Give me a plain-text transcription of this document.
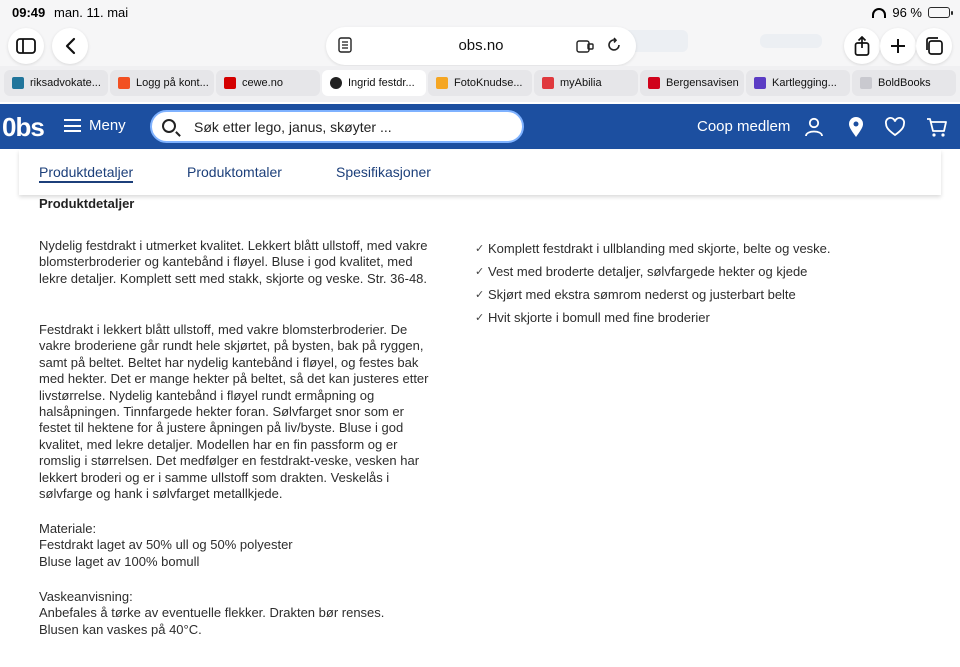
09:49 man. 11. mai	96 %
obs.no
riksadvokate...	Logg på kont...	cewe.no	Ingrid festdr...	FotoKnudse...	myAbilia	Bergensavisen	Kartlegging...	BoldBooks
0bs	Meny	Søk etter lego, janus, skøyter ...	Coop medlem
Produktdetaljer	Produktomtaler	Spesifikasjoner
Produktdetaljer
Nydelig festdrakt i utmerket kvalitet. Lekkert blått ullstoff, med vakre blomsterbroderier og kantebånd i fløyel. Bluse i god kvalitet, med lekre detaljer. Komplett sett med stakk, skjorte og veske. Str. 36-48.
Festdrakt i lekkert blått ullstoff, med vakre blomsterbroderier. De vakre broderiene går rundt hele skjørtet, på bysten, bak på ryggen, samt på beltet. Beltet har nydelig kantebånd i fløyel, og festes bak med hekter. Det er mange hekter på beltet, så det kan justeres etter livstørrelse. Nydelig kantebånd i fløyel rundt ermåpning og halsåpningen. Tinnfargede hekter foran. Sølvfarget snor som er festet til hektene for å justere åpningen på liv/byste. Bluse i god kvalitet, med lekre detaljer. Modellen har en fin passform og er romslig i størrelsen. Det medfølger en festdrakt-veske, vesken har lekkert broderi og er i samme ullstoff som drakten. Veskelås i sølvfarge og hank i sølvfarget metallkjede.
Materiale:
Festdrakt laget av 50% ull og 50% polyester
Bluse laget av 100% bomull
Vaskeanvisning:
Anbefales å tørke av eventuelle flekker. Drakten bør renses.
Blusen kan vaskes på 40°C.
✓ Komplett festdrakt i ullblanding med skjorte, belte og veske.
✓ Vest med broderte detaljer, sølvfargede hekter og kjede
✓ Skjørt med ekstra sømrom nederst og justerbart belte
✓ Hvit skjorte i bomull med fine broderier
